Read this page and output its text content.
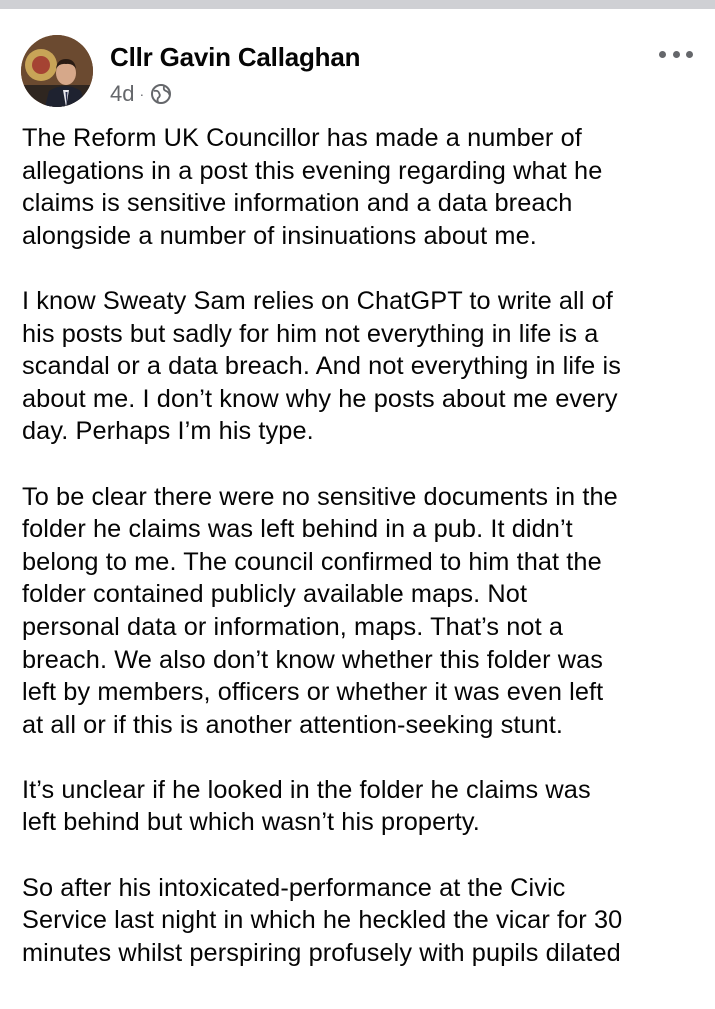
Cllr Gavin Callaghan
4d ·
The Reform UK Councillor has made a number of
allegations in a post this evening regarding what he
claims is sensitive information and a data breach
alongside a number of insinuations about me.
I know Sweaty Sam relies on ChatGPT to write all of
his posts but sadly for him not everything in life is a
scandal or a data breach. And not everything in life is
about me. I don’t know why he posts about me every
day. Perhaps I’m his type.
To be clear there were no sensitive documents in the
folder he claims was left behind in a pub. It didn’t
belong to me. The council confirmed to him that the
folder contained publicly available maps. Not
personal data or information, maps. That’s not a
breach. We also don’t know whether this folder was
left by members, officers or whether it was even left
at all or if this is another attention-seeking stunt.
It’s unclear if he looked in the folder he claims was
left behind but which wasn’t his property.
So after his intoxicated-performance at the Civic
Service last night in which he heckled the vicar for 30
minutes whilst perspiring profusely with pupils dilated
